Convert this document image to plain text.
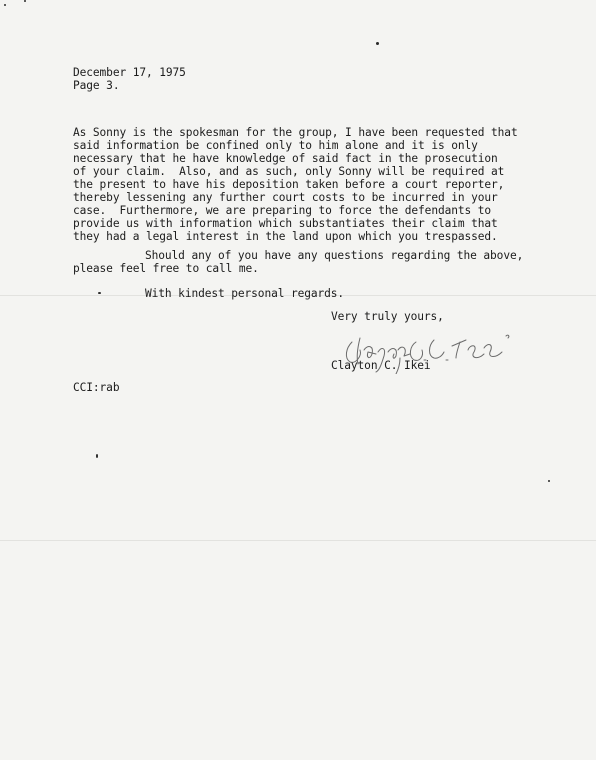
December 17, 1975
Page 3.
As Sonny is the spokesman for the group, I have been requested that
said information be confined only to him alone and it is only
necessary that he have knowledge of said fact in the prosecution
of your claim.  Also, and as such, only Sonny will be required at
the present to have his deposition taken before a court reporter,
thereby lessening any further court costs to be incurred in your
case.  Furthermore, we are preparing to force the defendants to
provide us with information which substantiates their claim that
they had a legal interest in the land upon which you trespassed.
Should any of you have any questions regarding the above,
please feel free to call me.
With kindest personal regards.
Very truly yours,
Clayton C. Ikei
CCI:rab
